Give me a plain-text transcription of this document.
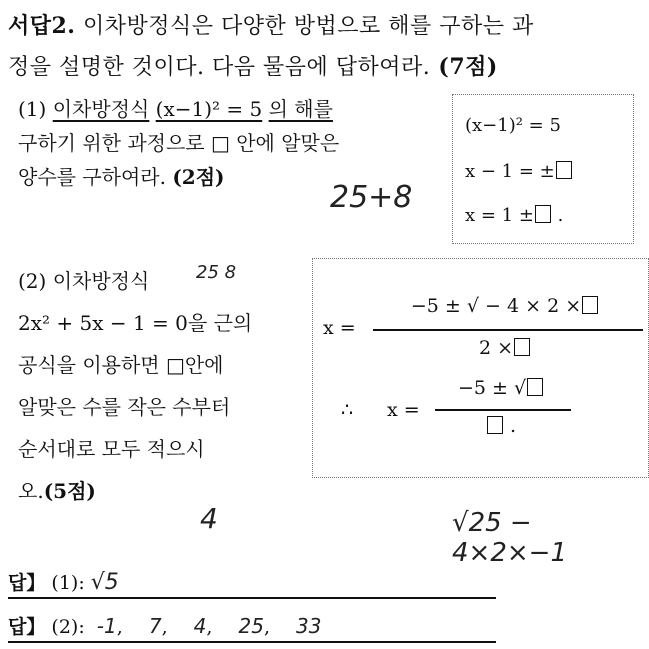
서답2. 이차방정식은 다양한 방법으로 해를 구하는 과
정을 설명한 것이다. 다음 물음에 답하여라. (7점)
(1) 이차방정식 (x−1)² = 5 의 해를
구하기 위한 과정으로 □ 안에 알맞은
양수를 구하여라. (2점)
25+8
(x−1)² = 5
x − 1 = ±
x = 1 ± .
(2) 이차방정식
2x² + 5x − 1 = 0을 근의
공식을 이용하면 □안에
알맞은 수를 작은 수부터
순서대로 모두 적으시
오.(5점)
25 8
4	√25 − 4×2×−1
x =
−5 ± √ − 4 × 2 ×
2 ×
∴ x =
−5 ± √
.
답】 (1): √5
답】 (2): -1, 7, 4, 25, 33
